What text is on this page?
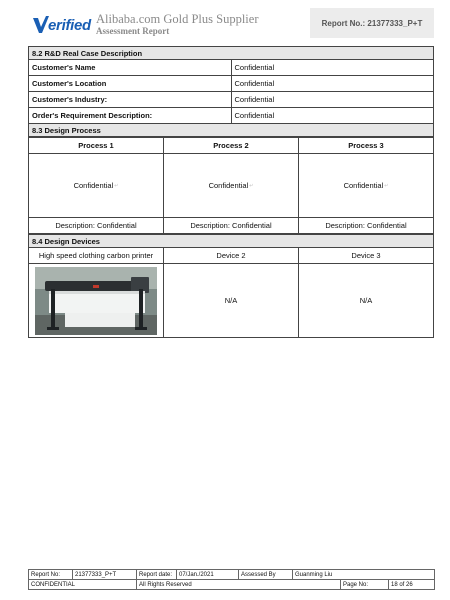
erified Alibaba.com Gold Plus Supplier
Assessment Report
Report No.: 21377333_P+T
8.2 R&D Real Case Description	
Customer's Name	Confidential
Customer's Location	Confidential
Customer's Industry:	Confidential
Order's Requirement Description:	Confidential
8.3 Design Process	
Process 1	Process 2	Process 3
Confidential↵	Confidential↵	Confidential↵
Description: Confidential	Description: Confidential	Description: Confidential
8.4 Design Devices		
High speed clothing carbon printer	Device 2	Device 3

	N/A	N/A
Report No:	21377333_P+T	Report date:	07/Jan./2021	Assessed By	Guanming Liu		
CONFIDENTIAL		All Rights Reserved				Page No:	18 of 26
